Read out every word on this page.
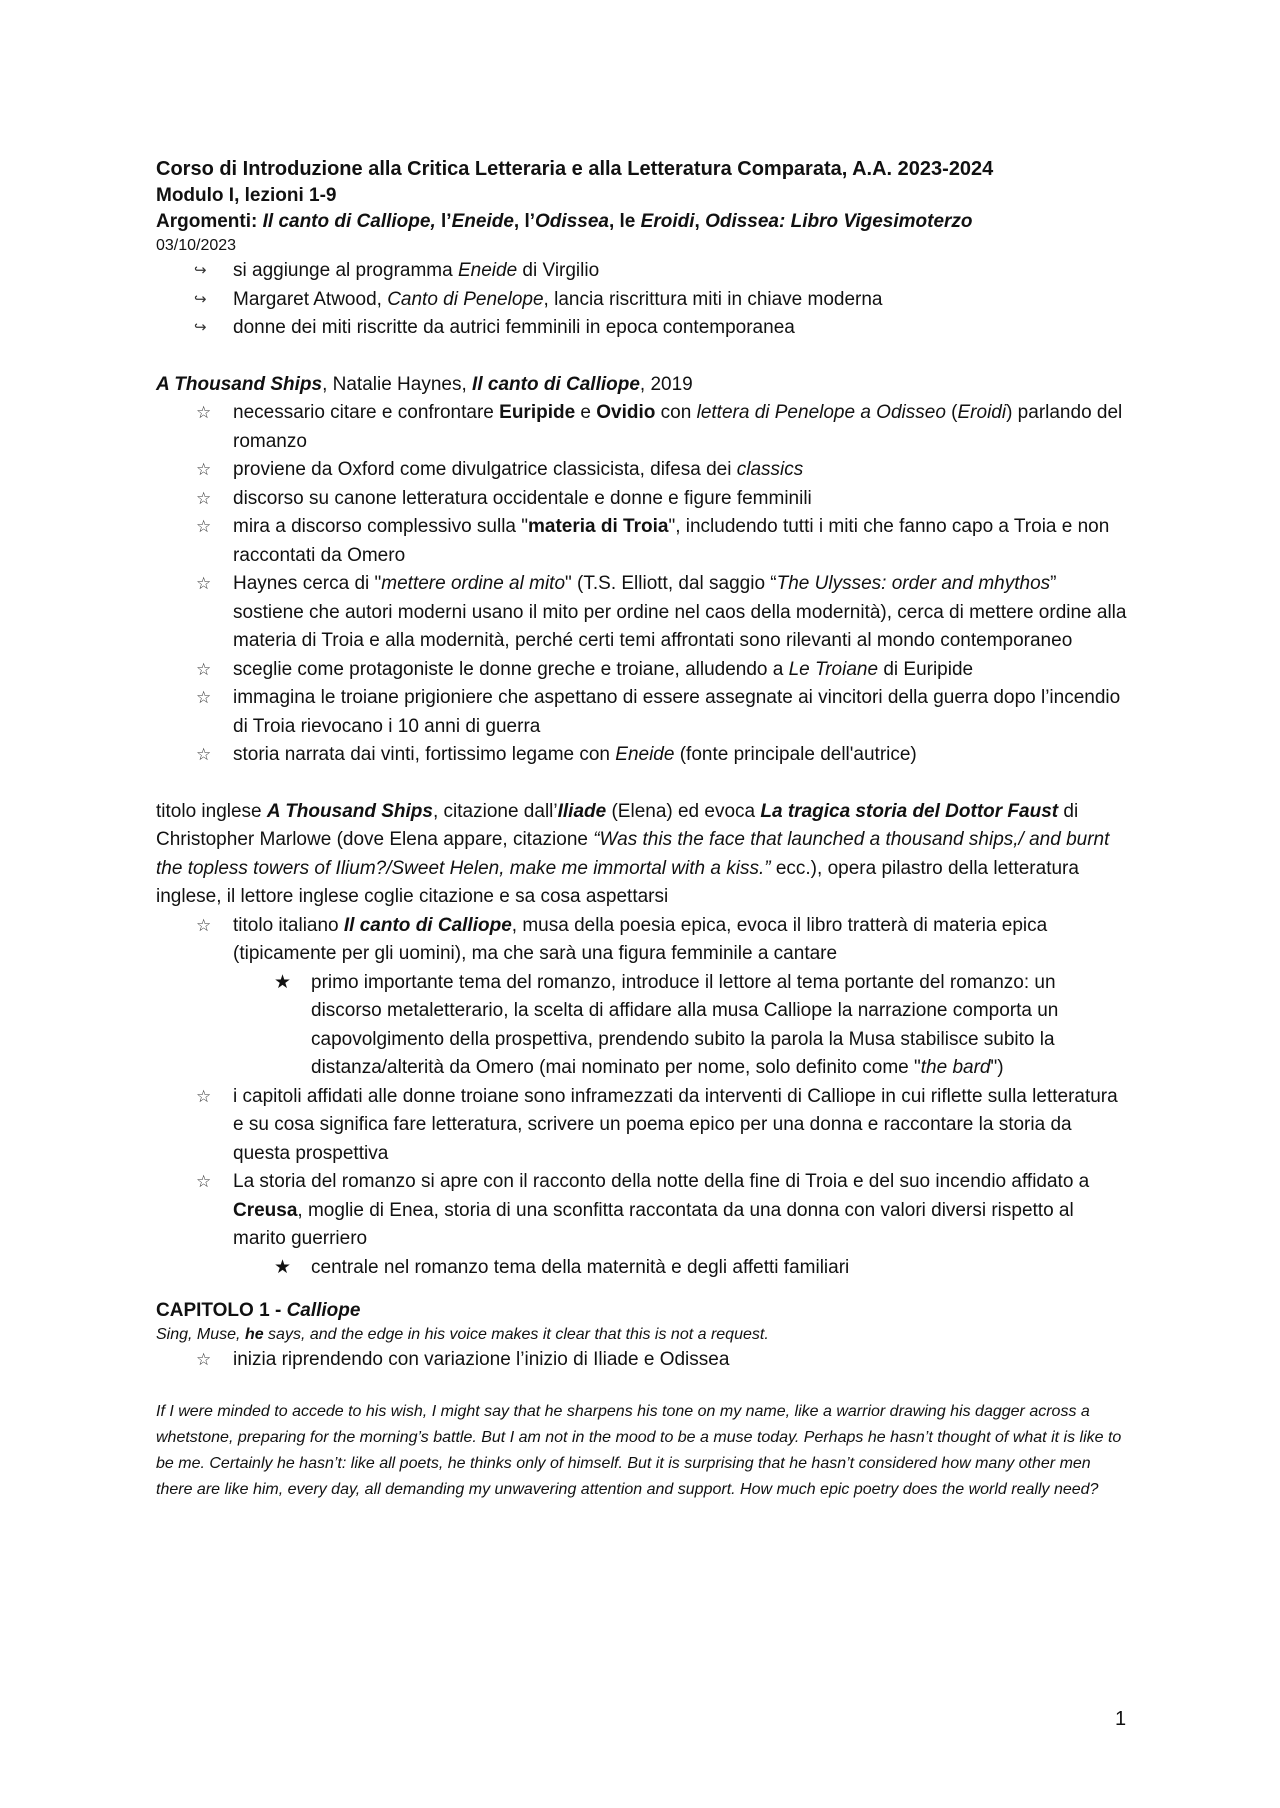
Corso di Introduzione alla Critica Letteraria e alla Letteratura Comparata, A.A. 2023-2024

Modulo I, lezioni 1-9

Argomenti: Il canto di Calliope, l’Eneide, l’Odissea, le Eroidi, Odissea: Libro Vigesimoterzo

03/10/2023

↪ si aggiunge al programma Eneide di Virgilio
↪ Margaret Atwood, Canto di Penelope, lancia riscrittura miti in chiave moderna
↪ donne dei miti riscritte da autrici femminili in epoca contemporanea

A Thousand Ships, Natalie Haynes, Il canto di Calliope, 2019

☆ necessario citare e confrontare Euripide e Ovidio con lettera di Penelope a Odisseo (Eroidi) parlando del romanzo
☆ proviene da Oxford come divulgatrice classicista, difesa dei classics
☆ discorso su canone letteratura occidentale e donne e figure femminili
☆ mira a discorso complessivo sulla "materia di Troia", includendo tutti i miti che fanno capo a Troia e non raccontati da Omero
☆ Haynes cerca di "mettere ordine al mito" (T.S. Elliott, dal saggio “The Ulysses: order and mhythos” sostiene che autori moderni usano il mito per ordine nel caos della modernità), cerca di mettere ordine alla materia di Troia e alla modernità, perché certi temi affrontati sono rilevanti al mondo contemporaneo
☆ sceglie come protagoniste le donne greche e troiane, alludendo a Le Troiane di Euripide
☆ immagina le troiane prigioniere che aspettano di essere assegnate ai vincitori della guerra dopo l’incendio di Troia rievocano i 10 anni di guerra
☆ storia narrata dai vinti, fortissimo legame con Eneide (fonte principale dell'autrice)

titolo inglese A Thousand Ships, citazione dall’Iliade (Elena) ed evoca La tragica storia del Dottor Faust di Christopher Marlowe (dove Elena appare, citazione “Was this the face that launched a thousand ships,/ and burnt the topless towers of Ilium?/Sweet Helen, make me immortal with a kiss.” ecc.), opera pilastro della letteratura inglese, il lettore inglese coglie citazione e sa cosa aspettarsi

☆ titolo italiano Il canto di Calliope, musa della poesia epica, evoca il libro tratterà di materia epica (tipicamente per gli uomini), ma che sarà una figura femminile a cantare
★ primo importante tema del romanzo, introduce il lettore al tema portante del romanzo: un discorso metaletterario, la scelta di affidare alla musa Calliope la narrazione comporta un capovolgimento della prospettiva, prendendo subito la parola la Musa stabilisce subito la distanza/alterità da Omero (mai nominato per nome, solo definito come "the bard")
☆ i capitoli affidati alle donne troiane sono inframezzati da interventi di Calliope in cui riflette sulla letteratura e su cosa significa fare letteratura, scrivere un poema epico per una donna e raccontare la storia da questa prospettiva
☆ La storia del romanzo si apre con il racconto della notte della fine di Troia e del suo incendio affidato a Creusa, moglie di Enea, storia di una sconfitta raccontata da una donna con valori diversi rispetto al marito guerriero
★ centrale nel romanzo tema della maternità e degli affetti familiari

CAPITOLO 1 - Calliope

Sing, Muse, he says, and the edge in his voice makes it clear that this is not a request.

☆ inizia riprendendo con variazione l’inizio di Iliade e Odissea

If I were minded to accede to his wish, I might say that he sharpens his tone on my name, like a warrior drawing his dagger across a whetstone, preparing for the morning’s battle. But I am not in the mood to be a muse today. Perhaps he hasn’t thought of what it is like to be me. Certainly he hasn’t: like all poets, he thinks only of himself. But it is surprising that he hasn’t considered how many other men there are like him, every day, all demanding my unwavering attention and support. How much epic poetry does the world really need?

1
